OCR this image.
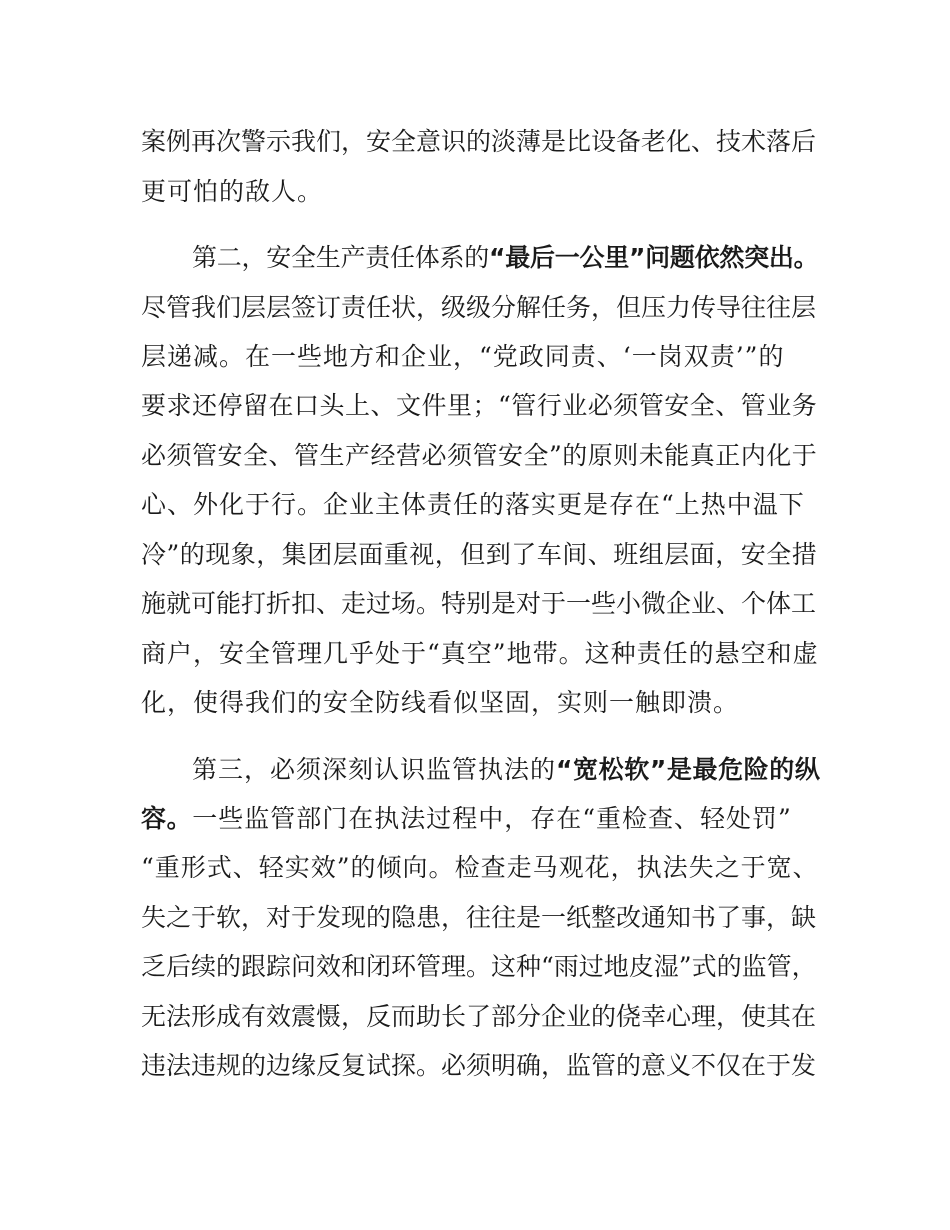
案例再次警示我们，安全意识的淡薄是比设备老化、技术落后
更可怕的敌人。
第二，安全生产责任体系的“最后一公里”问题依然突出。
尽管我们层层签订责任状，级级分解任务，但压力传导往往层
层递减。在一些地方和企业，“党政同责、‘一岗双责’”的
要求还停留在口头上、文件里；“管行业必须管安全、管业务
必须管安全、管生产经营必须管安全”的原则未能真正内化于
心、外化于行。企业主体责任的落实更是存在“上热中温下
冷”的现象，集团层面重视，但到了车间、班组层面，安全措
施就可能打折扣、走过场。特别是对于一些小微企业、个体工
商户，安全管理几乎处于“真空”地带。这种责任的悬空和虚
化，使得我们的安全防线看似坚固，实则一触即溃。
第三，必须深刻认识监管执法的“宽松软”是最危险的纵
容。一些监管部门在执法过程中，存在“重检查、轻处罚”
“重形式、轻实效”的倾向。检查走马观花，执法失之于宽、
失之于软，对于发现的隐患，往往是一纸整改通知书了事，缺
乏后续的跟踪问效和闭环管理。这种“雨过地皮湿”式的监管，
无法形成有效震慑，反而助长了部分企业的侥幸心理，使其在
违法违规的边缘反复试探。必须明确，监管的意义不仅在于发
